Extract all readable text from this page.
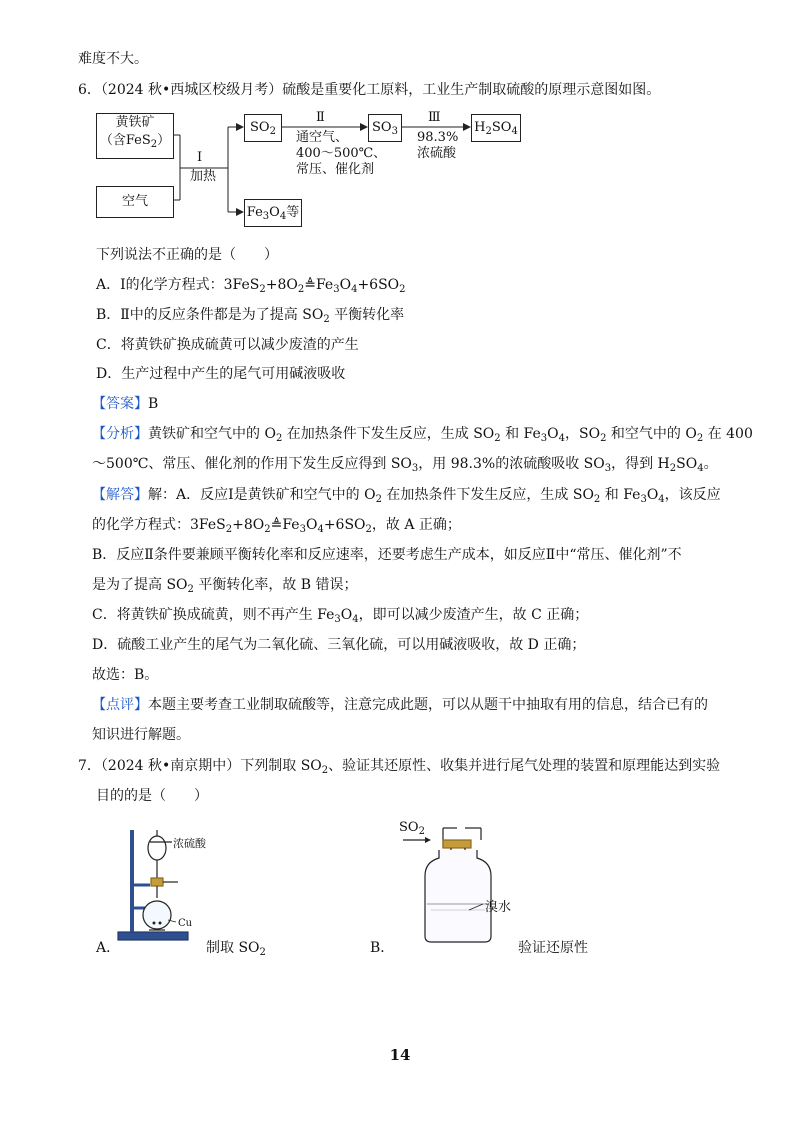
难度不大。
6．（2024 秋•西城区校级月考）硫酸是重要化工原料，工业生产制取硫酸的原理示意图如图。
黄铁矿
（含FeS$_2$）
空气
$SO_2$	$SO_3$	$H_2SO_4$
$Fe_3O_4$等
Ⅰ
加热
Ⅱ
通空气、
400～500℃、
常压、催化剂
Ⅲ
98.3%
浓硫酸
下列说法不正确的是（　　）
A．Ⅰ的化学方程式：$3FeS_2+8O_2≜Fe_3O_4+6SO_2$
B．Ⅱ中的反应条件都是为了提高 $SO_2$ 平衡转化率
C．将黄铁矿换成硫黄可以减少废渣的产生
D．生产过程中产生的尾气可用碱液吸收
【答案】B
【分析】黄铁矿和空气中的 $O_2$ 在加热条件下发生反应，生成 $SO_2$ 和 $Fe_3O_4$，$SO_2$ 和空气中的 $O_2$ 在 400
～500℃、常压、催化剂的作用下发生反应得到 $SO_3$，用 98.3%的浓硫酸吸收 $SO_3$，得到 $H_2SO_4$。
【解答】解：A．反应Ⅰ是黄铁矿和空气中的 $O_2$ 在加热条件下发生反应，生成 $SO_2$ 和 $Fe_3O_4$，该反应
的化学方程式：$3FeS_2+8O_2≜Fe_3O_4+6SO_2$，故 A 正确；
B．反应Ⅱ条件要兼顾平衡转化率和反应速率，还要考虑生产成本，如反应Ⅱ中“常压、催化剂”不
是为了提高 $SO_2$ 平衡转化率，故 B 错误；
C．将黄铁矿换成硫黄，则不再产生 $Fe_3O_4$，即可以减少废渣产生，故 C 正确；
D．硫酸工业产生的尾气为二氧化硫、三氧化硫，可以用碱液吸收，故 D 正确；
故选：B。
【点评】本题主要考查工业制取硫酸等，注意完成此题，可以从题干中抽取有用的信息，结合已有的
知识进行解题。
7．（2024 秋•南京期中）下列制取 $SO_2$、验证其还原性、收集并进行尾气处理的装置和原理能达到实验
目的的是（　　）
浓硫酸
Cu
A．	制取 $SO_2$
$SO_2$
溴水
B．	验证还原性
14
